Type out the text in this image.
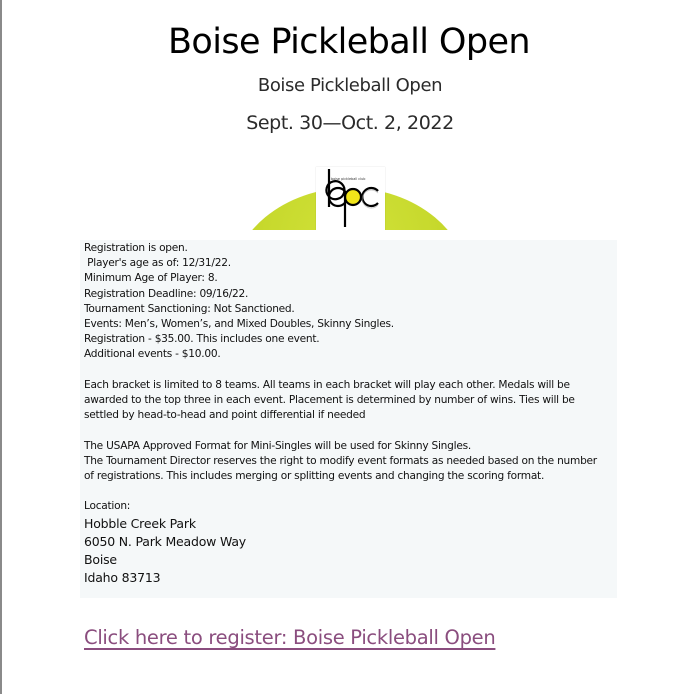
Boise Pickleball Open
Boise Pickleball Open
Sept. 30—Oct. 2, 2022
boise pickleball club
Registration is open.
Player's age as of: 12/31/22.
Minimum Age of Player: 8.
Registration Deadline: 09/16/22.
Tournament Sanctioning: Not Sanctioned.
Events: Men’s, Women’s, and Mixed Doubles, Skinny Singles.
Registration - $35.00. This includes one event.
Additional events - $10.00.
Each bracket is limited to 8 teams. All teams in each bracket will play each other. Medals will be
awarded to the top three in each event. Placement is determined by number of wins. Ties will be
settled by head-to-head and point differential if needed
The USAPA Approved Format for Mini-Singles will be used for Skinny Singles.
The Tournament Director reserves the right to modify event formats as needed based on the number
of registrations. This includes merging or splitting events and changing the scoring format.
Location:
Hobble Creek Park
6050 N. Park Meadow Way
Boise
Idaho 83713
Click here to register: Boise Pickleball Open
